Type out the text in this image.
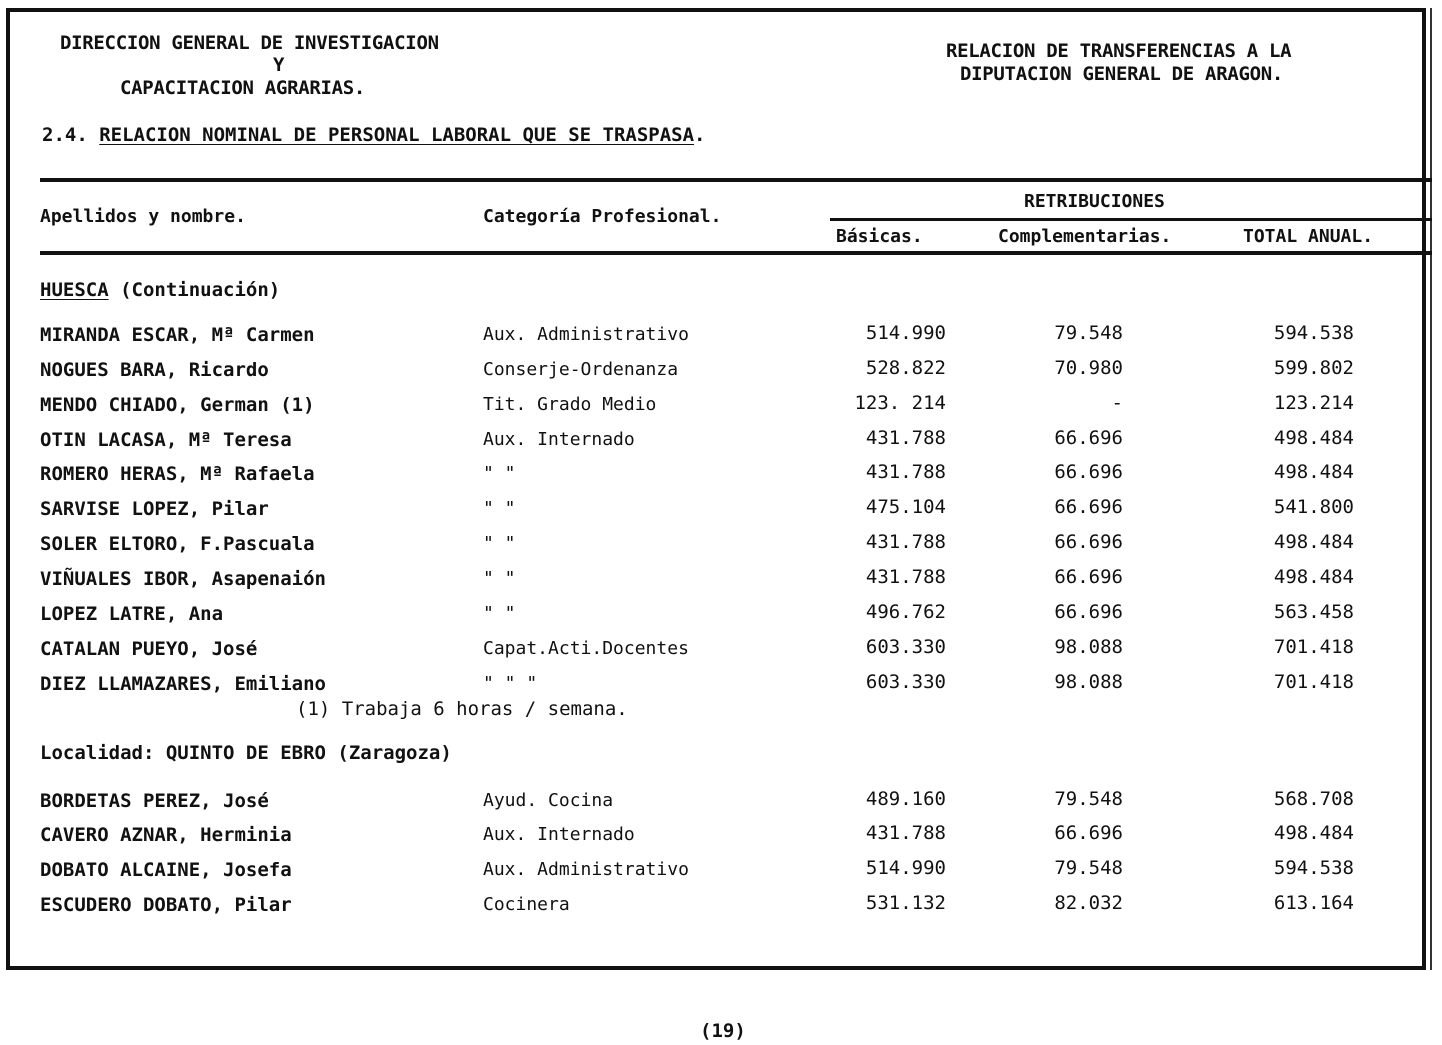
DIRECCION GENERAL DE INVESTIGACION
Y
CAPACITACION AGRARIAS.
RELACION DE TRANSFERENCIAS A LA
DIPUTACION GENERAL DE ARAGON.
2.4. RELACION NOMINAL DE PERSONAL LABORAL QUE SE TRASPASA.
Apellidos y nombre.	Categoría Profesional.
RETRIBUCIONES
Básicas.	Complementarias.	TOTAL ANUAL.
HUESCA (Continuación)
MIRANDA ESCAR, Mª Carmen	Aux. Administrativo	514.990	79.548	594.538
NOGUES BARA, Ricardo	Conserje-Ordenanza	528.822	70.980	599.802
MENDO CHIADO, German (1)	Tit. Grado Medio	123. 214	-	123.214
OTIN LACASA, Mª Teresa	Aux. Internado	431.788	66.696	498.484
ROMERO HERAS, Mª Rafaela	" "	431.788	66.696	498.484
SARVISE LOPEZ, Pilar	" "	475.104	66.696	541.800
SOLER ELTORO, F.Pascuala	" "	431.788	66.696	498.484
VIÑUALES IBOR, Asapenaión	" "	431.788	66.696	498.484
LOPEZ LATRE, Ana	" "	496.762	66.696	563.458
CATALAN PUEYO, José	Capat.Acti.Docentes	603.330	98.088	701.418
DIEZ LLAMAZARES, Emiliano	" " "	603.330	98.088	701.418
(1) Trabaja 6 horas / semana.
Localidad: QUINTO DE EBRO (Zaragoza)
BORDETAS PEREZ, José	Ayud. Cocina	489.160	79.548	568.708
CAVERO AZNAR, Herminia	Aux. Internado	431.788	66.696	498.484
DOBATO ALCAINE, Josefa	Aux. Administrativo	514.990	79.548	594.538
ESCUDERO DOBATO, Pilar	Cocinera	531.132	82.032	613.164
(19)
